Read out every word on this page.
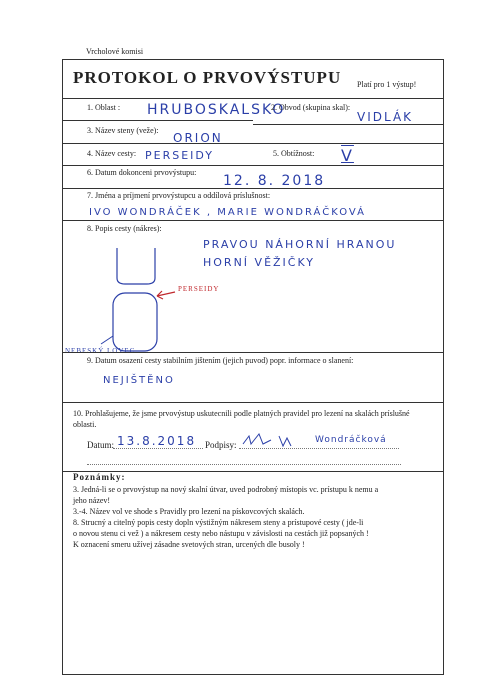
Vrcholové komisi
PROTOKOL O PRVOVÝSTUPU Platí pro 1 výstup!
1. Oblast : HRUBOSKALSKO
2. Obvod (skupina skal):
VIDLÁK
3. Název steny (veže):
ORION
4. Název cesty: PERSEIDY	5. Obtížnost: V
6. Datum dokonceni prvovýstupu:
12. 8. 2018
7. Jména a príjmení prvovýstupcu a oddílová príslušnost:
IVO WONDRÁČEK , MARIE WONDRÁČKOVÁ
8. Popis cesty (nákres):
PRAVOU NÁHORNÍ HRANOU
HORNÍ VĚŽIČKY
PERSEIDY
NEBESKÝ LOVEC
9. Datum osazení cesty stabilním jištením (jejich puvod) popr. informace o slanení:
NEJIŠTĚNO
10. Prohlašujeme, že jsme prvovýstup uskutecnili podle platných pravidel pro lezení na skalách príslušné oblasti.
Datum: 13.8.2018 Podpisy:	Wondráčková
Poznámky:
3. Jedná-li se o prvovýstup na nový skalní útvar, uved podrobný místopis vc. prístupu k nemu a
jeho název!
3.-4. Název vol ve shode s Pravidly pro lezení na pískovcových skalách.
8. Strucný a citelný popis cesty dopln výstižným nákresem steny a prístupové cesty ( jde-li
o novou stenu ci vež ) a nákresem cesty nebo nástupu v závislosti na cestách již popsaných !
K oznacení smeru užívej zásadne svetových stran, urcených dle busoly !
